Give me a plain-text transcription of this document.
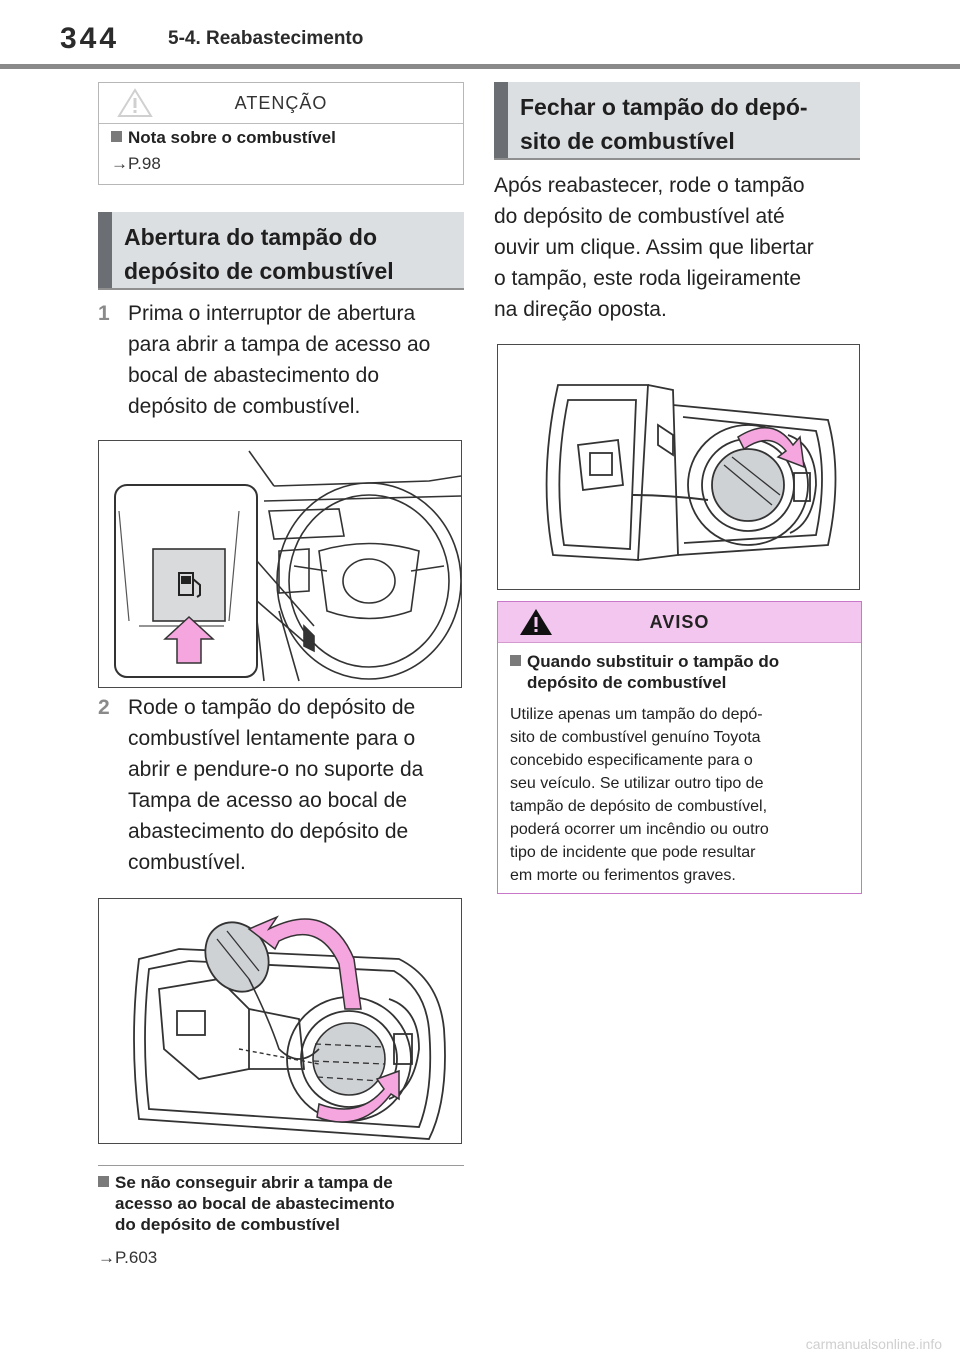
344	5-4. Reabastecimento
ATENÇÃO
Nota sobre o combustível
→P.98
Abertura do tampão do
depósito de combustível
1 Prima o interruptor de abertura
para abrir a tampa de acesso ao
bocal de abastecimento do
depósito de combustível.
2 Rode o tampão do depósito de
combustível lentamente para o
abrir e pendure-o no suporte da
Tampa de acesso ao bocal de
abastecimento do depósito de
combustível.
Se não conseguir abrir a tampa de
acesso ao bocal de abastecimento
do depósito de combustível
→P.603
Fechar o tampão do depó-
sito de combustível
Após reabastecer, rode o tampão
do depósito de combustível até
ouvir um clique. Assim que libertar
o tampão, este roda ligeiramente
na direção oposta.
AVISO
Quando substituir o tampão do
depósito de combustível
Utilize apenas um tampão do depó-
sito de combustível genuíno Toyota
concebido especificamente para o
seu veículo. Se utilizar outro tipo de
tampão de depósito de combustível,
poderá ocorrer um incêndio ou outro
tipo de incidente que pode resultar
em morte ou ferimentos graves.
carmanualsonline.info
